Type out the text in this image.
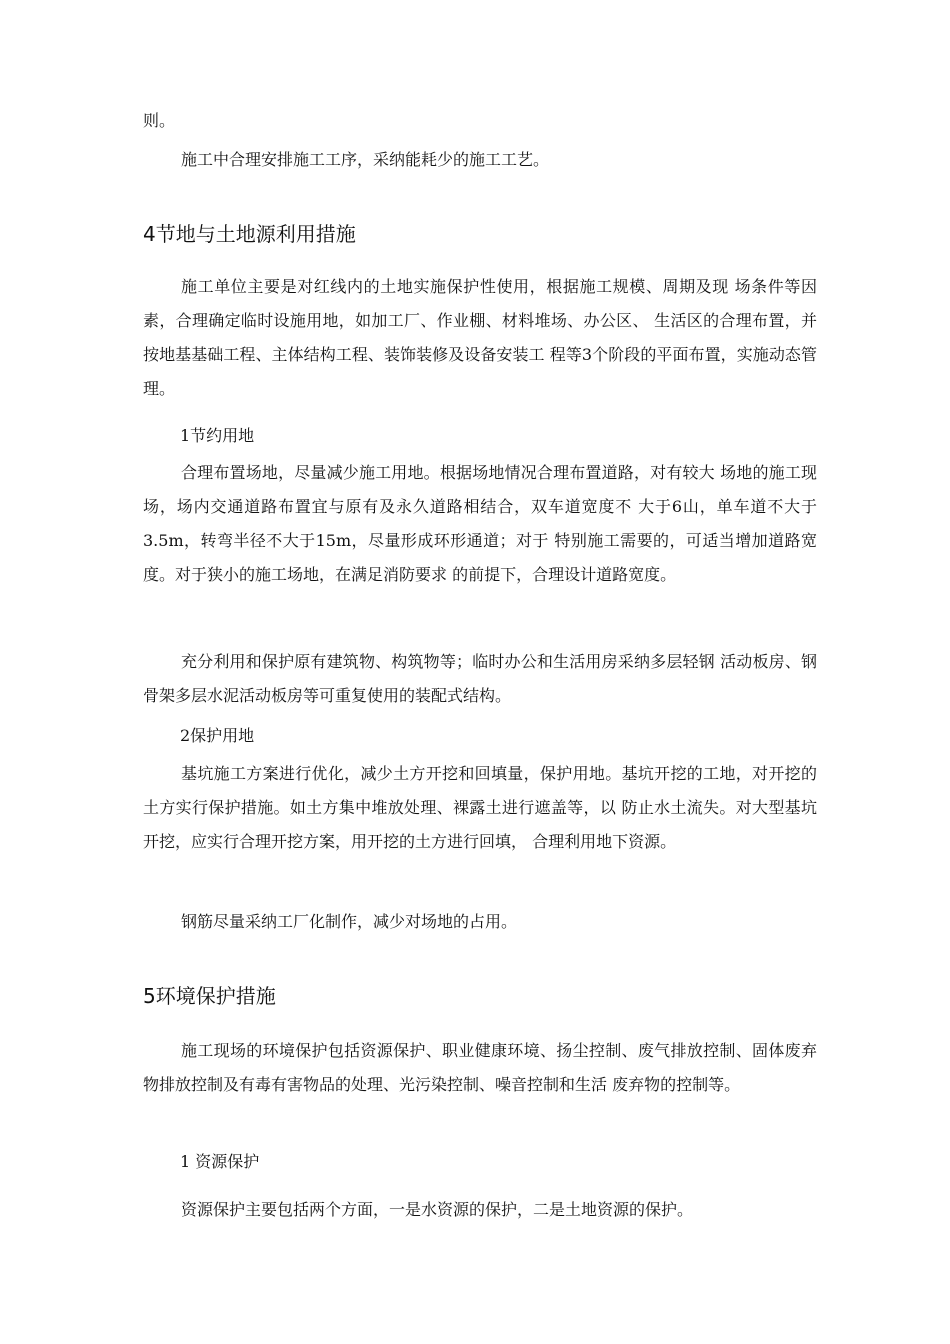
则。

施工中合理安排施工工序，采纳能耗少的施工工艺。

4节地与土地源利用措施

施工单位主要是对红线内的土地实施保护性使用，根据施工规模、周期及现 场条件等因素，合理确定临时设施用地，如加工厂、作业棚、材料堆场、办公区、 生活区的合理布置，并按地基基础工程、主体结构工程、装饰装修及设备安装工 程等3个阶段的平面布置，实施动态管理。

1节约用地

合理布置场地，尽量减少施工用地。根据场地情况合理布置道路，对有较大 场地的施工现场，场内交通道路布置宜与原有及永久道路相结合，双车道宽度不 大于6山，单车道不大于3.5m，转弯半径不大于15m，尽量形成环形通道；对于 特别施工需要的，可适当增加道路宽度。对于狭小的施工场地，在满足消防要求 的前提下，合理设计道路宽度。

充分利用和保护原有建筑物、构筑物等；临时办公和生活用房采纳多层轻钢 活动板房、钢骨架多层水泥活动板房等可重复使用的装配式结构。

2保护用地

基坑施工方案进行优化，减少土方开挖和回填量，保护用地。基坑开挖的工地，对开挖的土方实行保护措施。如土方集中堆放处理、裸露土进行遮盖等，以 防止水土流失。对大型基坑开挖，应实行合理开挖方案，用开挖的土方进行回填， 合理利用地下资源。

钢筋尽量采纳工厂化制作，减少对场地的占用。

5环境保护措施

施工现场的环境保护包括资源保护、职业健康环境、扬尘控制、废气排放控制、固体废弃物排放控制及有毒有害物品的处理、光污染控制、噪音控制和生活 废弃物的控制等。

1 资源保护

资源保护主要包括两个方面，一是水资源的保护，二是土地资源的保护。
